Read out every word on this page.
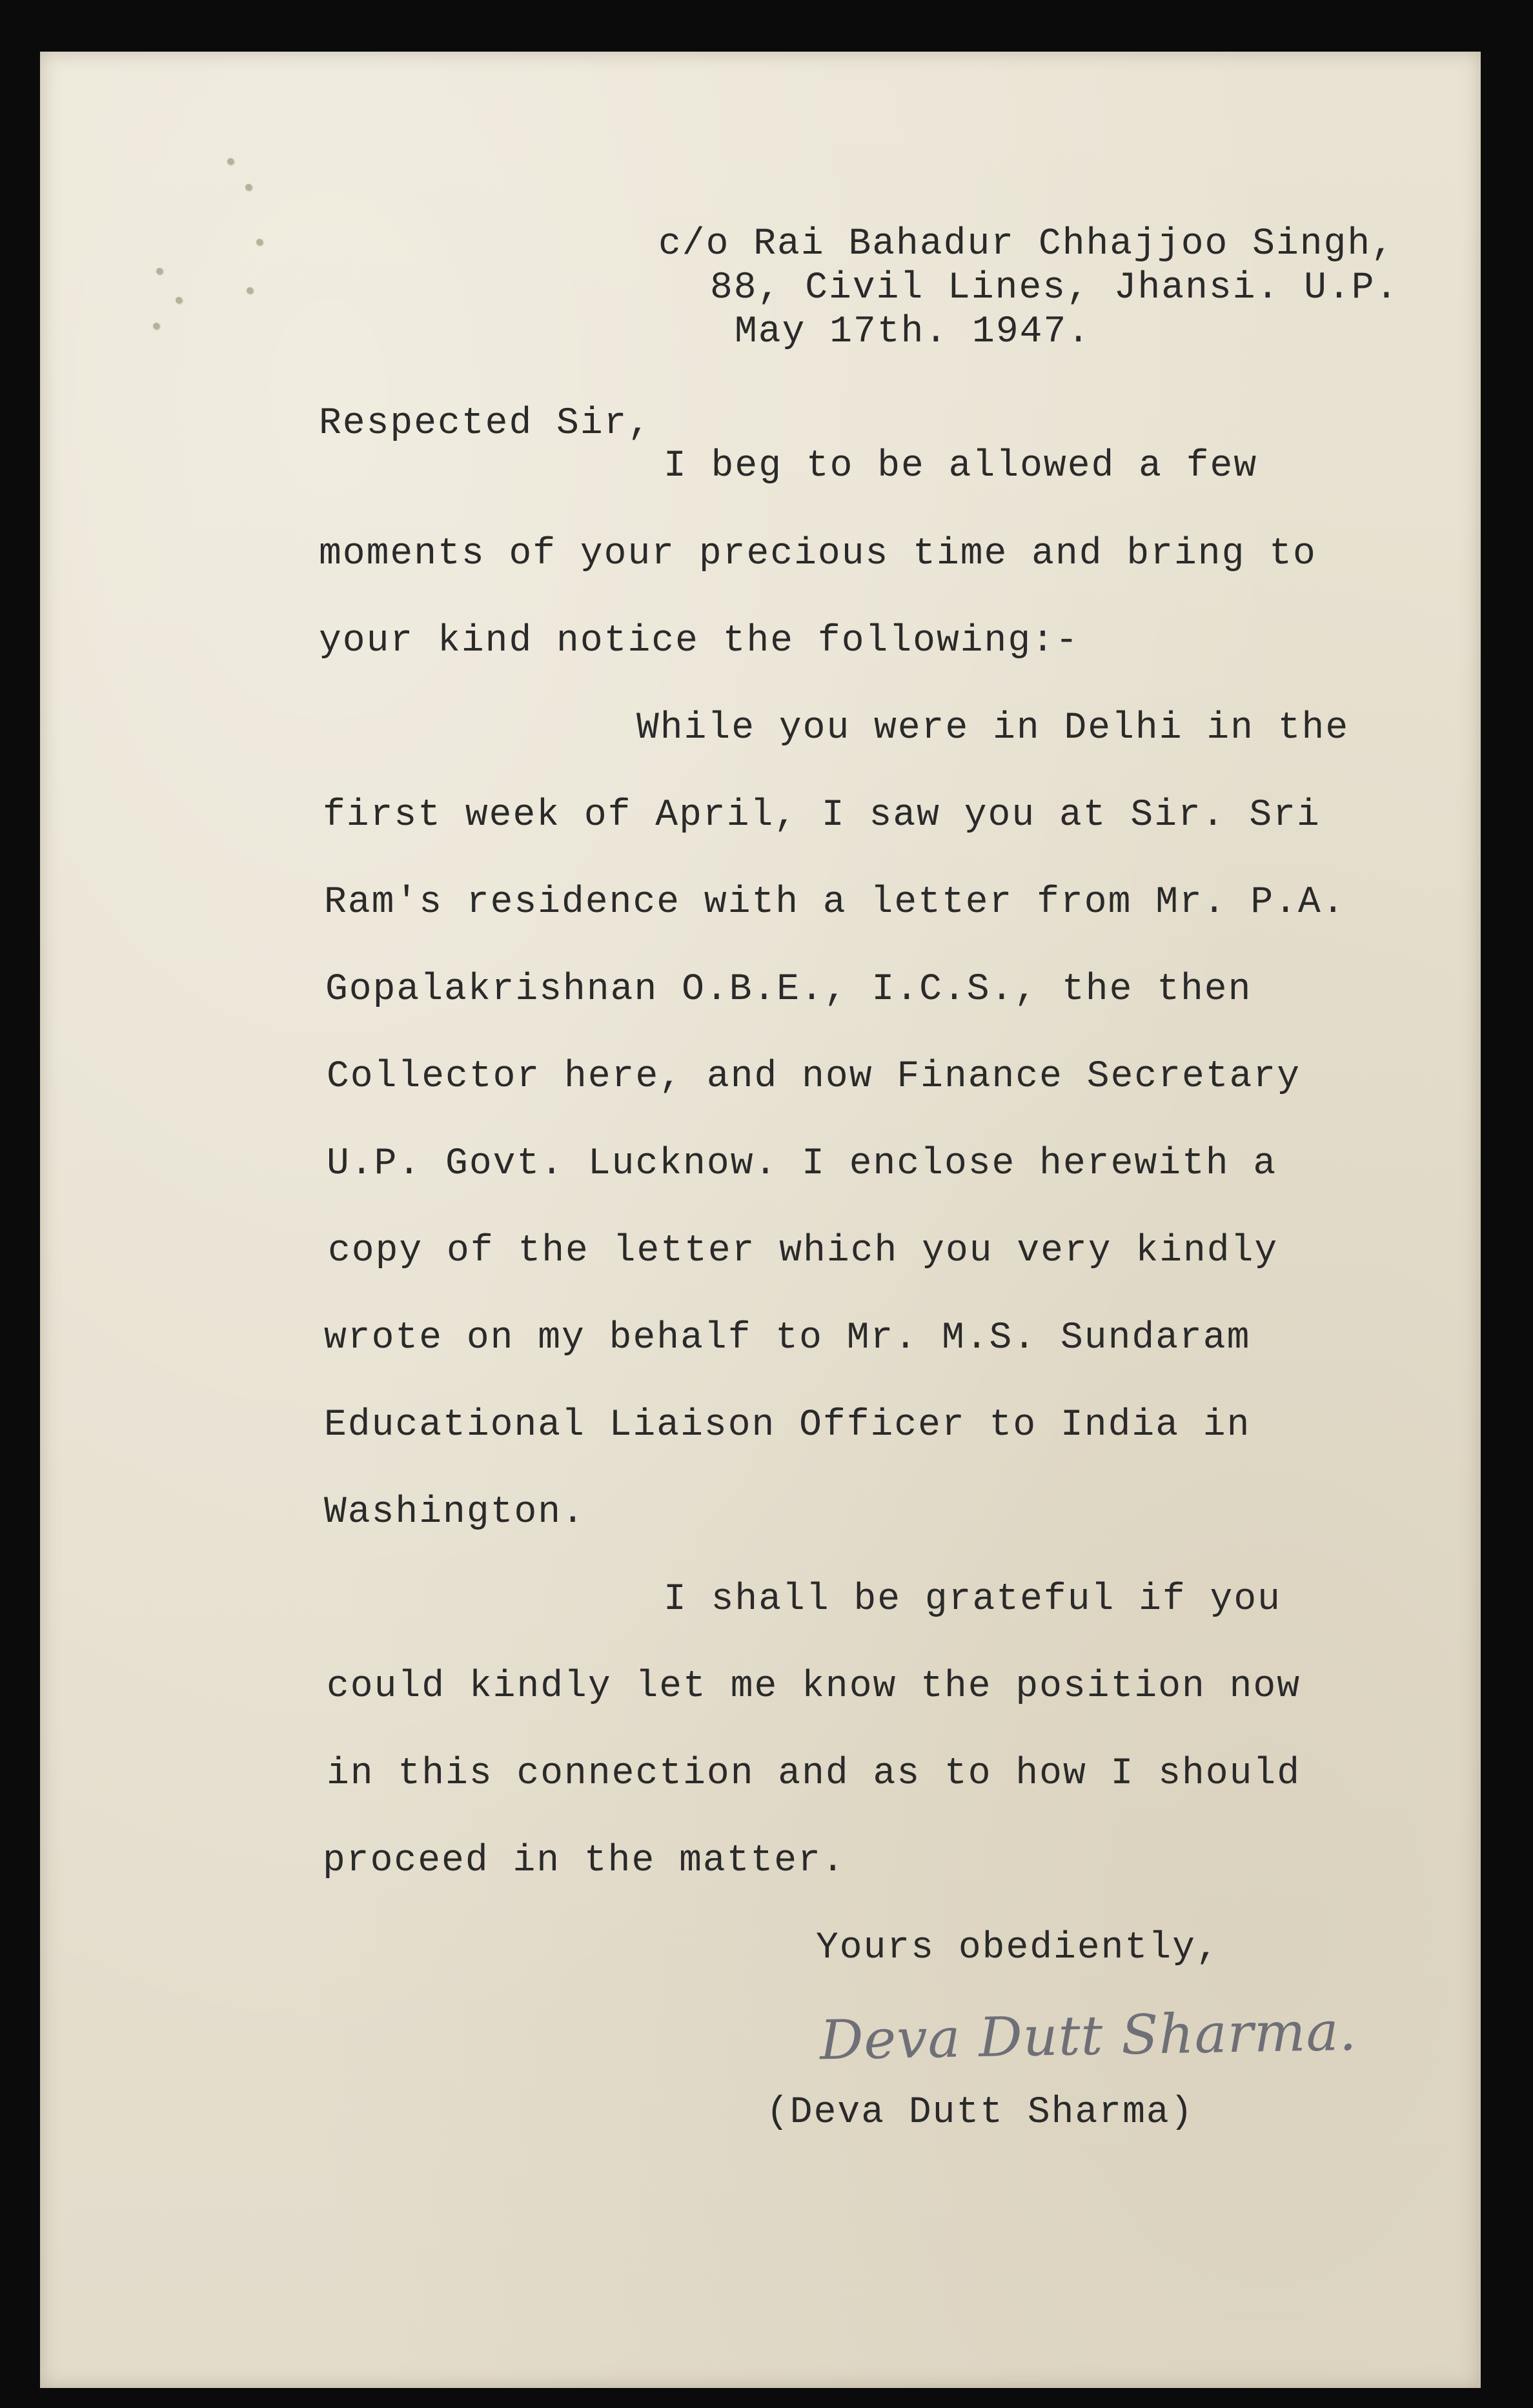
c/o Rai Bahadur Chhajjoo Singh,
88, Civil Lines, Jhansi. U.P.
May 17th. 1947.
Respected Sir,
I beg to be allowed a few
moments of your precious time and bring to
your kind notice the following:-
While you were in Delhi in the
first week of April, I saw you at Sir. Sri
Ram's residence with a letter from Mr. P.A.
Gopalakrishnan O.B.E., I.C.S., the then
Collector here, and now Finance Secretary
U.P. Govt. Lucknow. I enclose herewith a
copy of the letter which you very kindly
wrote on my behalf to Mr. M.S. Sundaram
Educational Liaison Officer to India in
Washington.
I shall be grateful if you
could kindly let me know the position now
in this connection and as to how I should
proceed in the matter.
Yours obediently,
Deva Dutt Sharma.
(Deva Dutt Sharma)
